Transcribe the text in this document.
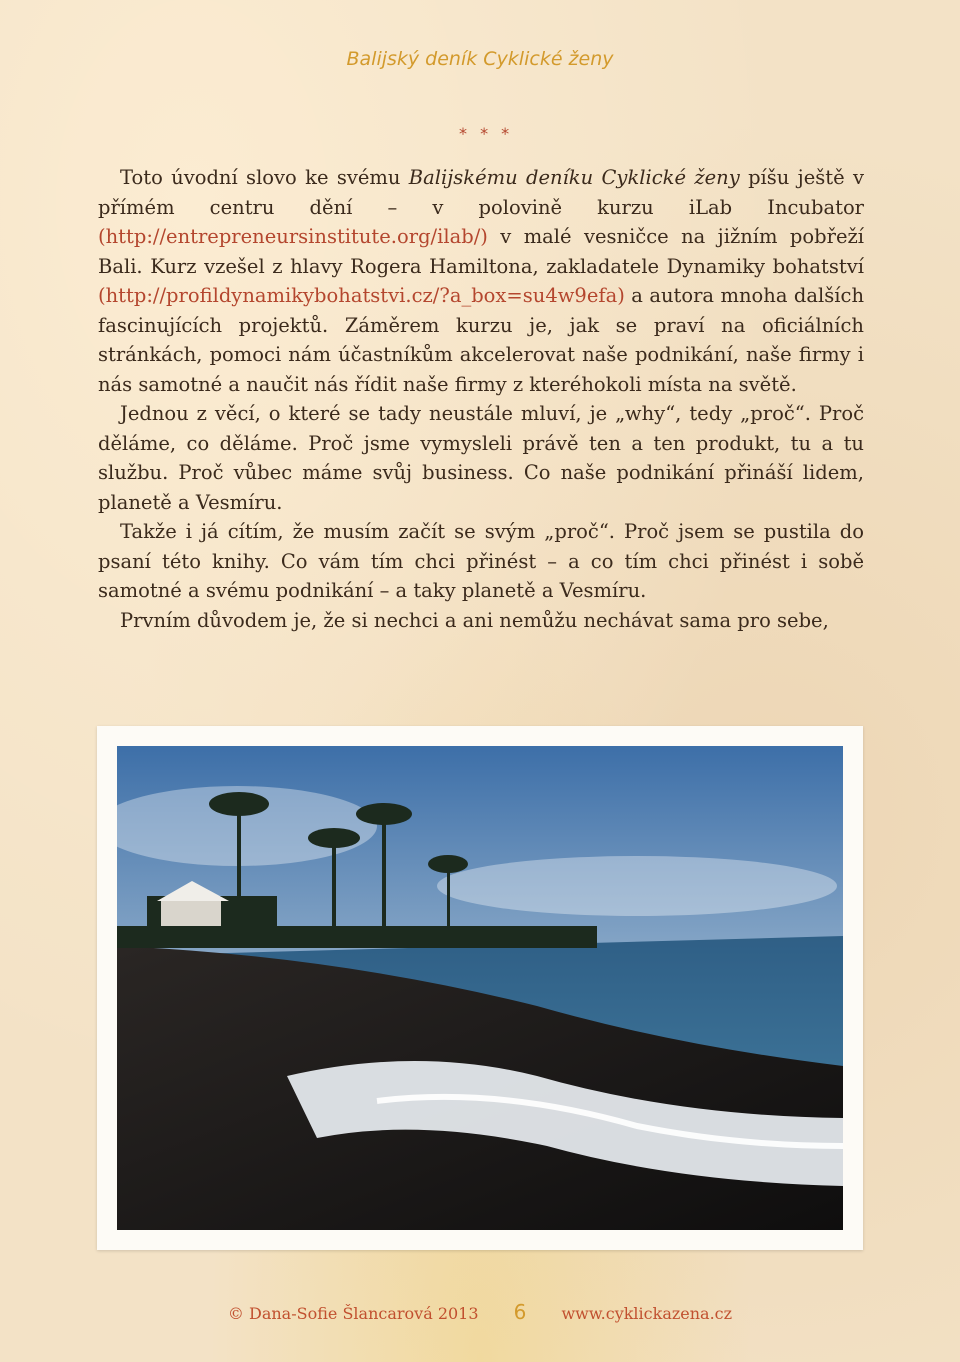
Balijský deník Cyklické ženy
* * *

Toto úvodní slovo ke svému Balijskému deníku Cyklické ženy píšu ještě v přímém centru dění – v polovině kurzu iLab Incubator (http://entrepreneursinstitute.org/ilab/) v malé vesničce na jižním pobřeží Bali. Kurz vzešel z hlavy Rogera Hamiltona, zakladatele Dynamiky bohatství (http://profildynamikybohatstvi.cz/?a_box=su4w9efa) a autora mnoha dalších fascinujících projektů. Záměrem kurzu je, jak se praví na oficiálních stránkách, pomoci nám účastníkům akcelerovat naše podnikání, naše firmy i nás samotné a naučit nás řídit naše firmy z kteréhokoli místa na světě.

Jednou z věcí, o které se tady neustále mluví, je „why“, tedy „proč“. Proč děláme, co děláme. Proč jsme vymysleli právě ten a ten produkt, tu a tu službu. Proč vůbec máme svůj business. Co naše podnikání přináší lidem, planetě a Vesmíru.

Takže i já cítím, že musím začít se svým „proč“. Proč jsem se pustila do psaní této knihy. Co vám tím chci přinést – a co tím chci přinést i sobě samotné a svému podnikání – a taky planetě a Vesmíru.

Prvním důvodem je, že si nechci a ani nemůžu nechávat sama pro sebe,

© Dana-Sofie Šlancarová 2013 6 www.cyklickazena.cz
